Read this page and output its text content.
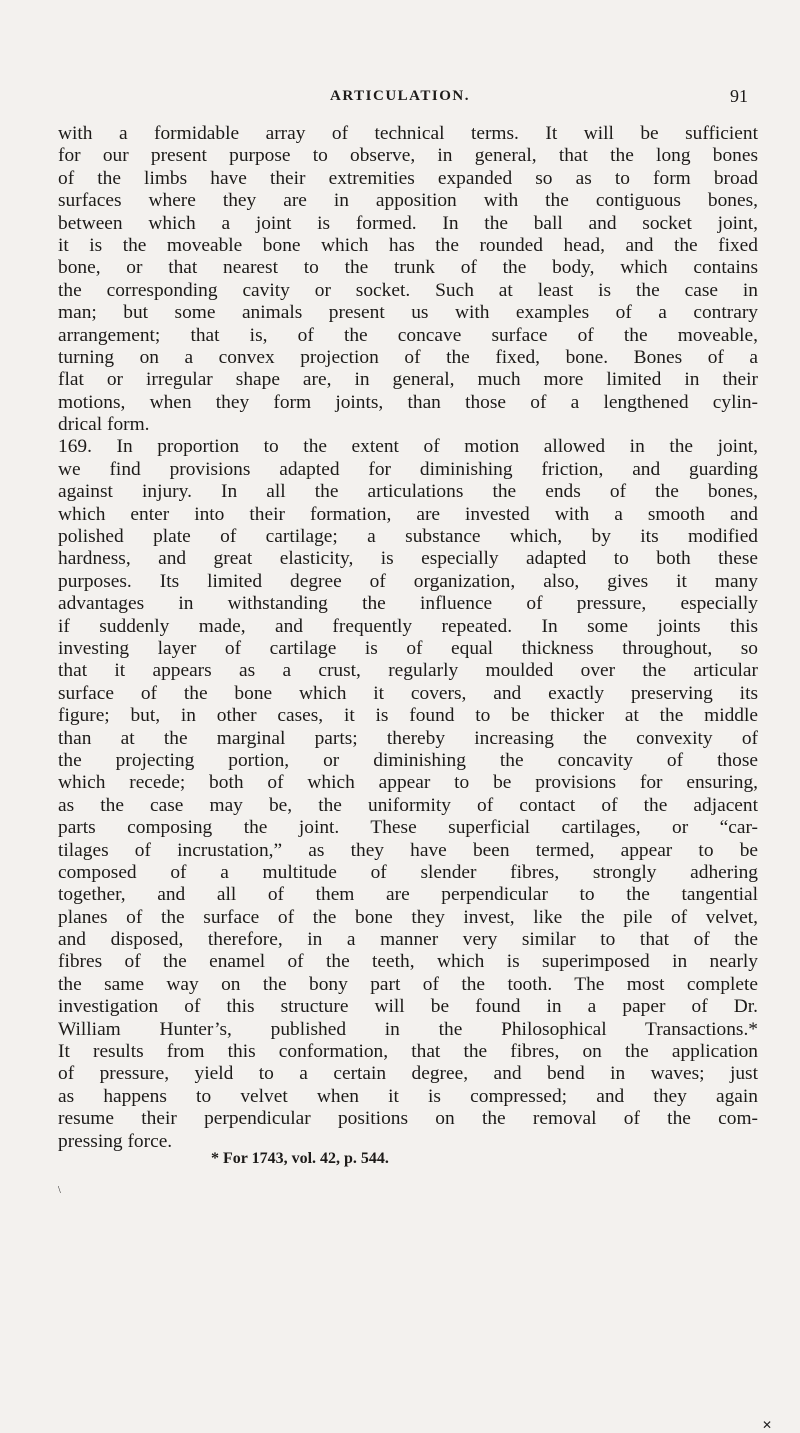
ARTICULATION.	91
with a formidable array of technical terms. It will be sufficient
for our present purpose to observe, in general, that the long bones
of the limbs have their extremities expanded so as to form broad
surfaces where they are in apposition with the contiguous bones,
between which a joint is formed. In the ball and socket joint,
it is the moveable bone which has the rounded head, and the fixed
bone, or that nearest to the trunk of the body, which contains
the corresponding cavity or socket. Such at least is the case in
man; but some animals present us with examples of a contrary
arrangement; that is, of the concave surface of the moveable,
turning on a convex projection of the fixed, bone. Bones of a
flat or irregular shape are, in general, much more limited in their
motions, when they form joints, than those of a lengthened cylin-
drical form.
169. In proportion to the extent of motion allowed in the joint,
we find provisions adapted for diminishing friction, and guarding
against injury. In all the articulations the ends of the bones,
which enter into their formation, are invested with a smooth and
polished plate of cartilage; a substance which, by its modified
hardness, and great elasticity, is especially adapted to both these
purposes. Its limited degree of organization, also, gives it many
advantages in withstanding the influence of pressure, especially
if suddenly made, and frequently repeated. In some joints this
investing layer of cartilage is of equal thickness throughout, so
that it appears as a crust, regularly moulded over the articular
surface of the bone which it covers, and exactly preserving its
figure; but, in other cases, it is found to be thicker at the middle
than at the marginal parts; thereby increasing the convexity of
the projecting portion, or diminishing the concavity of those
which recede; both of which appear to be provisions for ensuring,
as the case may be, the uniformity of contact of the adjacent
parts composing the joint. These superficial cartilages, or “car-
tilages of incrustation,” as they have been termed, appear to be
composed of a multitude of slender fibres, strongly adhering
together, and all of them are perpendicular to the tangential
planes of the surface of the bone they invest, like the pile of velvet,
and disposed, therefore, in a manner very similar to that of the
fibres of the enamel of the teeth, which is superimposed in nearly
the same way on the bony part of the tooth. The most complete
investigation of this structure will be found in a paper of Dr.
William Hunter’s, published in the Philosophical Transactions.*
It results from this conformation, that the fibres, on the application
of pressure, yield to a certain degree, and bend in waves; just
as happens to velvet when it is compressed; and they again
resume their perpendicular positions on the removal of the com-
pressing force.
* For 1743, vol. 42, p. 544.
\
✕
